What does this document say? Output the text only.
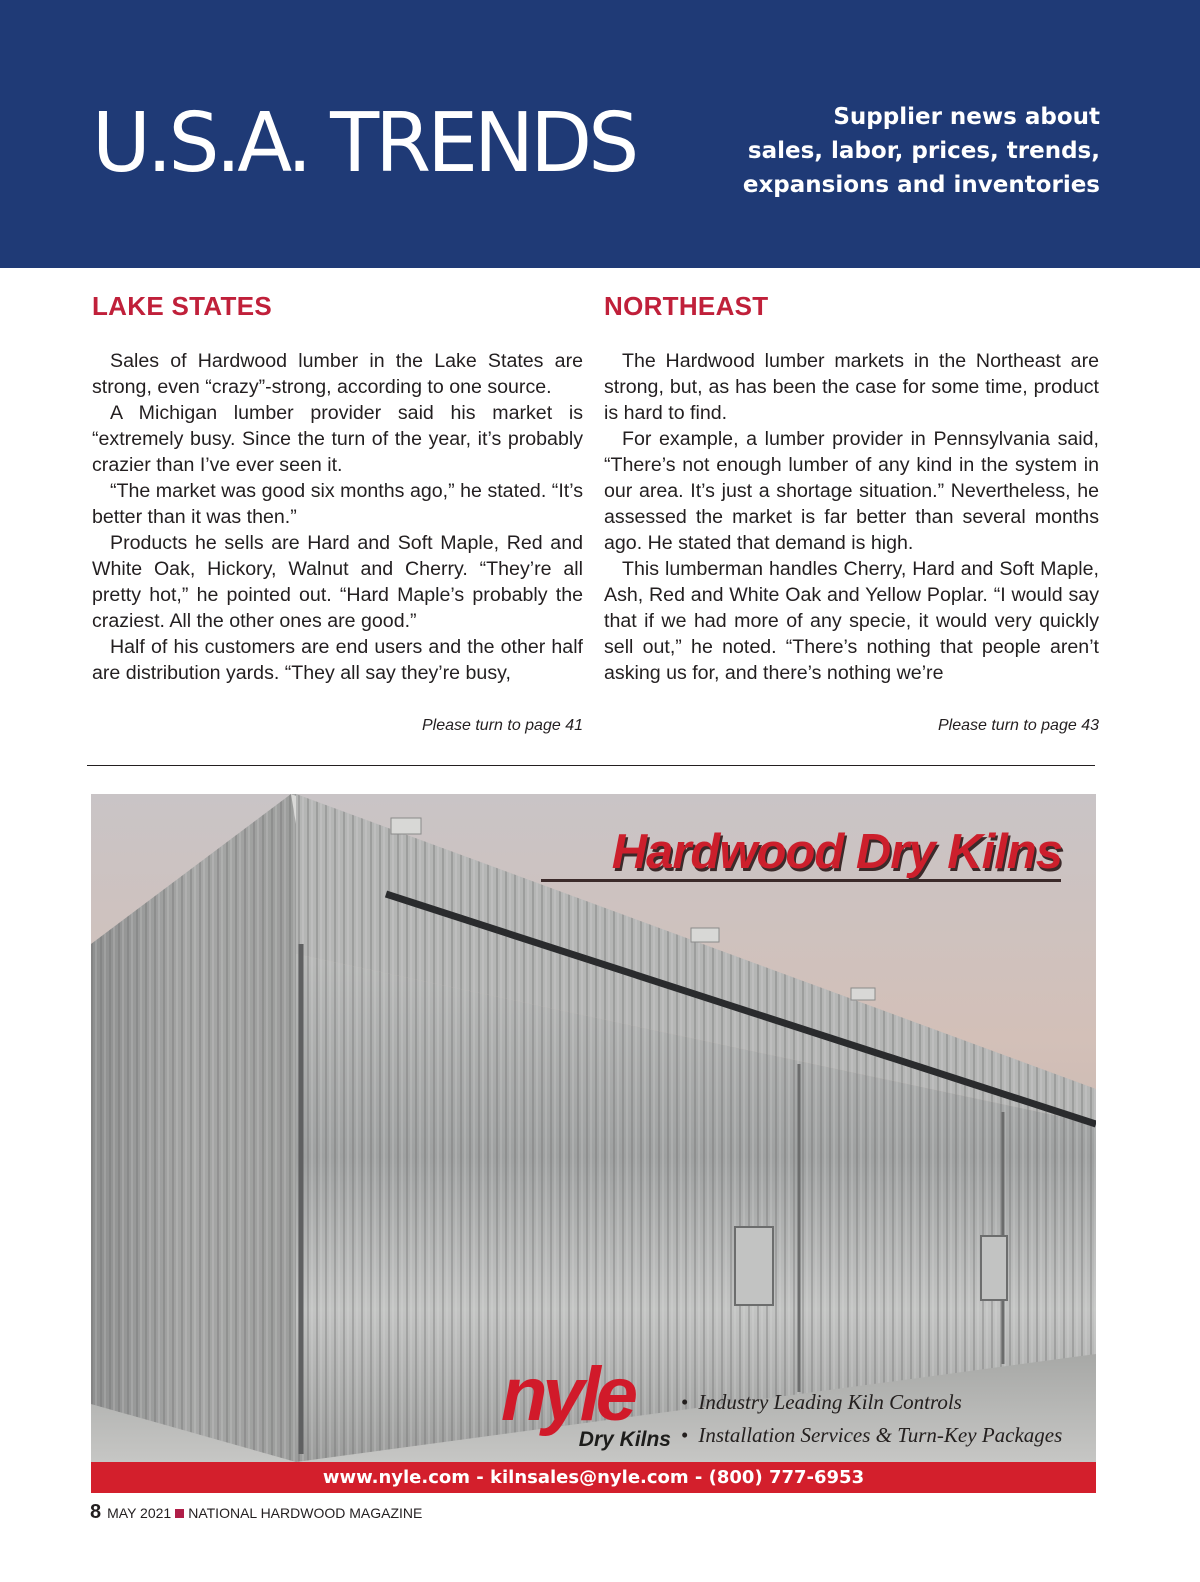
U.S.A. TRENDS	Supplier news about
sales, labor, prices, trends,
expansions and inventories
LAKE STATES

Sales of Hardwood lumber in the Lake States are strong, even “crazy”-strong, according to one source.

A Michigan lumber provider said his market is “extremely busy. Since the turn of the year, it’s probably crazier than I’ve ever seen it.

“The market was good six months ago,” he stated. “It’s better than it was then.”

Products he sells are Hard and Soft Maple, Red and White Oak, Hickory, Walnut and Cherry. “They’re all pretty hot,” he pointed out. “Hard Maple’s probably the craziest. All the other ones are good.”

Half of his customers are end users and the other half are distribution yards. “They all say they’re busy,

Please turn to page 41
NORTHEAST

The Hardwood lumber markets in the Northeast are strong, but, as has been the case for some time, product is hard to find.

For example, a lumber provider in Pennsylvania said, “There’s not enough lumber of any kind in the system in our area. It’s just a shortage situation.” Nevertheless, he assessed the market is far better than several months ago. He stated that demand is high.

This lumberman handles Cherry, Hard and Soft Maple, Ash, Red and White Oak and Yellow Poplar. “I would say that if we had more of any specie, it would very quickly sell out,” he noted. “There’s nothing that people aren’t asking us for, and there’s nothing we’re

Please turn to page 43
Hardwood Dry Kilns
nyle
Dry Kilns
• Industry Leading Kiln Controls
• Installation Services & Turn-Key Packages
www.nyle.com - kilnsales@nyle.com - (800) 777-6953
8 MAY 2021 NATIONAL HARDWOOD MAGAZINE
